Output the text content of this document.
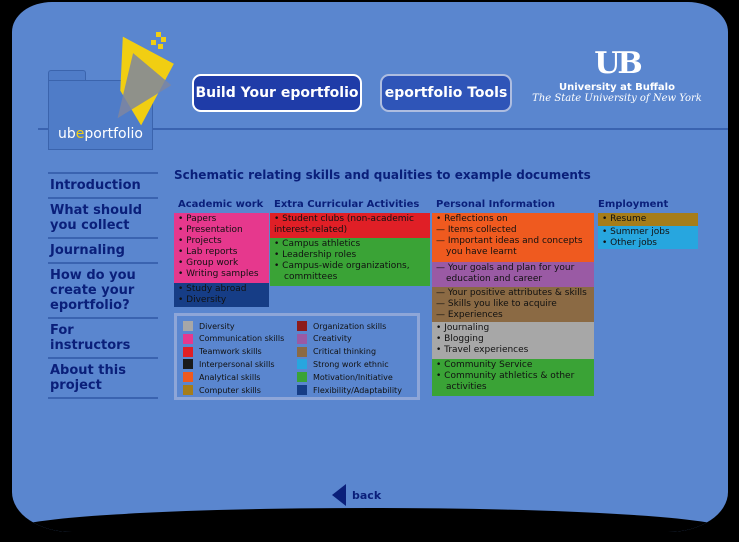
ubeportfolio
Build Your eportfolio	eportfolio Tools
UB
University at Buffalo
The State University of New York
Introduction
What should you collect
Journaling
How do you create your eportfolio?
For instructors
About this project
Schematic relating skills and qualities to example documents
Academic work Extra Curricular Activities Personal Information	Employment
• Papers
• Presentation
• Projects
• Lab reports
• Group work
• Writing samples
• Study abroad
• Diversity
• Student clubs (non-academic
interest-related)
• Campus athletics
• Leadership roles
• Campus-wide organizations,
committees
• Reflections on
— Items collected
— Important ideas and concepts
you have learnt
— Your goals and plan for your
education and career
— Your positive attributes & skills
— Skills you like to acquire
— Experiences
• Journaling
• Blogging
• Travel experiences
• Community Service
• Community athletics & other
activities
• Resume
• Summer jobs
• Other jobs
Diversity
Communication skills
Teamwork skills
Interpersonal skills
Analytical skills
Computer skills
Organization skills
Creativity
Critical thinking
Strong work ethnic
Motivation/Initiative
Flexibility/Adaptability
back
